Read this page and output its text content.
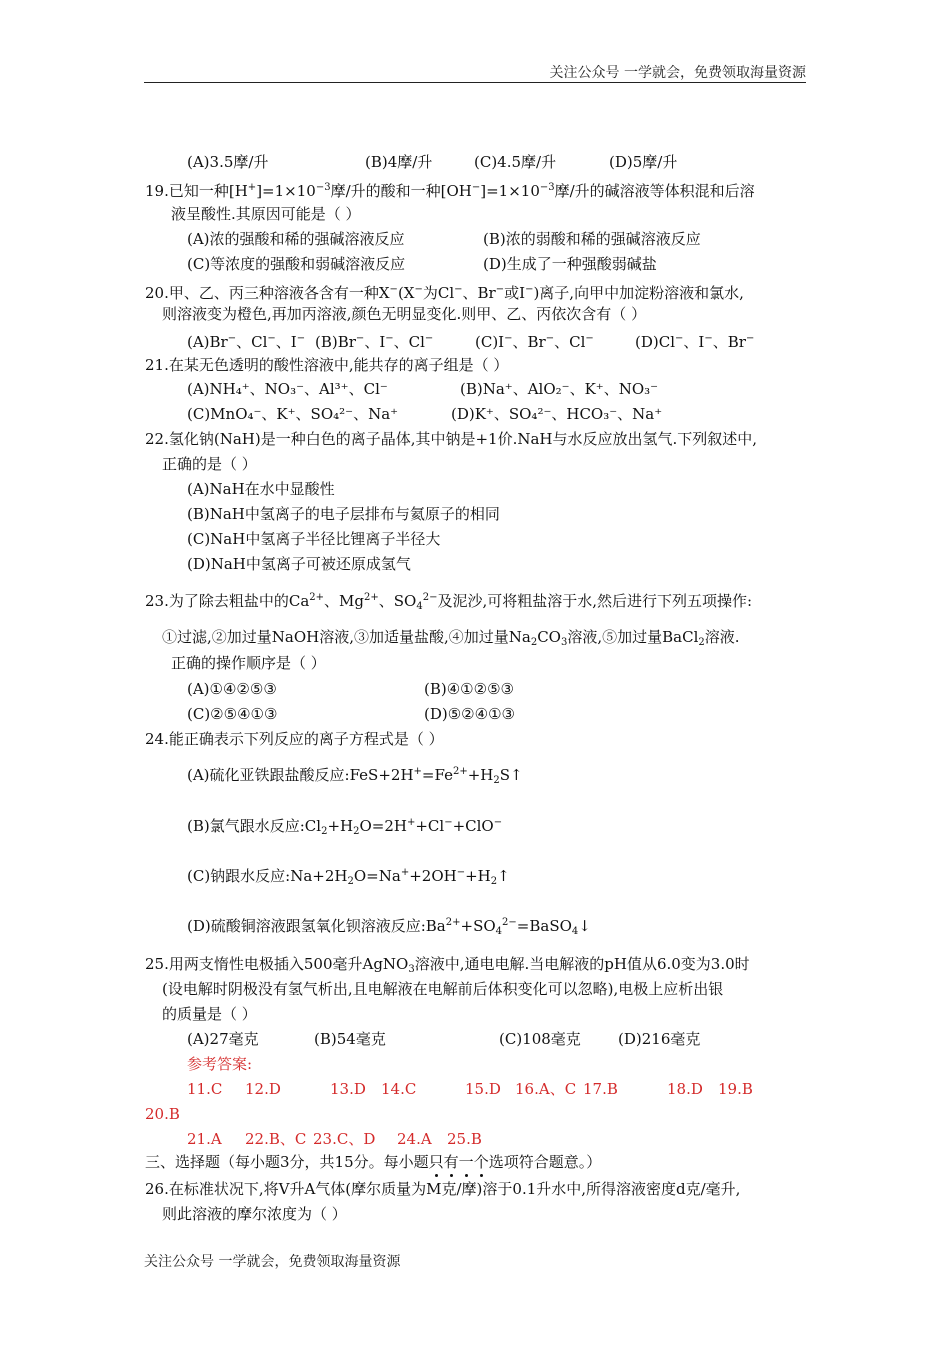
关注公众号 一学就会，免费领取海量资源
(A)3.5摩/升	(B)4摩/升	(C)4.5摩/升	(D)5摩/升
19.已知一种$[H^+]=1\times 10^{-3}$摩/升的酸和一种$[OH^-]=1\times 10^{-3}$摩/升的碱溶液等体积混和后溶
液呈酸性.其原因可能是（ ）
(A)浓的强酸和稀的强碱溶液反应	(B)浓的弱酸和稀的强碱溶液反应
(C)等浓度的强酸和弱碱溶液反应	(D)生成了一种强酸弱碱盐
20.甲、乙、丙三种溶液各含有一种X−(X−为Cl−、Br−或I−)离子,向甲中加淀粉溶液和氯水,
则溶液变为橙色,再加丙溶液,颜色无明显变化.则甲、乙、丙依次含有（ ）
(A)Br−、Cl−、I− (B)Br−、I−、Cl−	(C)I−、Br−、Cl−	(D)Cl−、I−、Br−
21.在某无色透明的酸性溶液中,能共存的离子组是（ ）
(A)NH₄⁺、NO₃⁻、Al³⁺、Cl⁻	(B)Na⁺、AlO₂⁻、K⁺、NO₃⁻
(C)MnO₄⁻、K⁺、SO₄²⁻、Na⁺	(D)K⁺、SO₄²⁻、HCO₃⁻、Na⁺
22.氢化钠(NaH)是一种白色的离子晶体,其中钠是+1价.NaH与水反应放出氢气.下列叙述中,
正确的是（ ）
(A)NaH在水中显酸性
(B)NaH中氢离子的电子层排布与氦原子的相同
(C)NaH中氢离子半径比锂离子半径大
(D)NaH中氢离子可被还原成氢气
23.为了除去粗盐中的$Ca^{2+}$、$Mg^{2+}$、$SO_4^{2-}$及泥沙,可将粗盐溶于水,然后进行下列五项操作:
①过滤,②加过量NaOH溶液,③加适量盐酸,④加过量$Na_2CO_3$溶液,⑤加过量BaCl$_2$溶液.
正确的操作顺序是（ ）
(A)①④②⑤③	(B)④①②⑤③
(C)②⑤④①③	(D)⑤②④①③
24.能正确表示下列反应的离子方程式是（ ）
(A)硫化亚铁跟盐酸反应$:FeS+2H^+=Fe^{2+}+H_2S↑$
(B)氯气跟水反应$:Cl_2+H_2O=2H^++Cl^-+ClO^-$
(C)钠跟水反应$:Na+2H_2O=Na^++2OH^-+H_2↑$
(D)硫酸铜溶液跟氢氧化钡溶液反应$:Ba^{2+}+SO_4^{2-}=BaSO_4↓$
25.用两支惰性电极插入500毫升AgNO$_3$溶液中,通电电解.当电解液的pH值从6.0变为3.0时
(设电解时阴极没有氢气析出,且电解液在电解前后体积变化可以忽略),电极上应析出银
的质量是（ ）
(A)27毫克	(B)54毫克	(C)108毫克 (D)216毫克
参考答案:
11.C 12.D	13.D 14.C	15.D 16.A、C 17.B	18.D 19.B
20.B
21.A 22.B、C 23.C、D 24.A 25.B
三、选择题（每小题3分，共15分。每小题只有一个选项符合题意。）
26.在标准状况下,将V升A气体(摩尔质量为M克/摩)溶于0.1升水中,所得溶液密度d克/毫升,
则此溶液的摩尔浓度为（ ）
关注公众号 一学就会，免费领取海量资源
